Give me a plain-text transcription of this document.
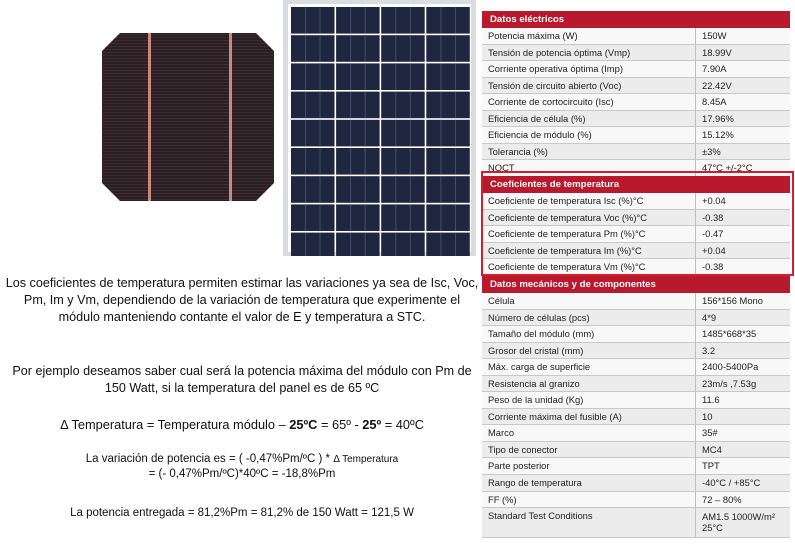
Los coeficientes de temperatura permiten estimar las variaciones ya sea de Isc, Voc, Pm, Im y Vm, dependiendo de la variación de temperatura que experimente el módulo manteniendo contante el valor de E y temperatura a STC.
Por ejemplo deseamos saber cual será la potencia máxima del módulo con Pm de 150 Watt, si la temperatura del panel es de 65 ºC
Δ Temperatura = Temperatura módulo – 25ºC = 65º - 25º = 40ºC
La variación de potencia es = ( -0,47%Pm/ºC ) * Δ Temperatura
= (- 0,47%Pm/ºC)*40ºC = -18,8%Pm
La potencia entregada = 81,2%Pm = 81,2% de 150 Watt = 121,5 W
Datos eléctricos
Potencia máxima (W)	150W
Tensión de potencia óptima (Vmp)	18.99V
Corriente operativa óptima (Imp)	7.90A
Tensión de circuito abierto (Voc)	22.42V
Corriente de cortocircuito (Isc)	8.45A
Eficiencia de célula (%)	17.96%
Eficiencia de módulo (%)	15.12%
Tolerancia (%)	±3%
NOCT	47°C +/-2°C
Coeficientes de temperatura
Coeficiente de temperatura Isc (%)°C	+0.04
Coeficiente de temperatura Voc (%)°C	-0.38
Coeficiente de temperatura Pm (%)°C	-0.47
Coeficiente de temperatura Im (%)°C	+0.04
Coeficiente de temperatura Vm (%)°C	-0.38
Datos mecánicos y de componentes
Célula	156*156 Mono
Número de células (pcs)	4*9
Tamaño del módulo (mm)	1485*668*35
Grosor del cristal (mm)	3.2
Máx. carga de superficie	2400-5400Pa
Resistencia al granizo	23m/s ,7.53g
Peso de la unidad (Kg)	11.6
Corriente máxima del fusible (A)	10
Marco	35#
Tipo de conector	MC4
Parte posterior	TPT
Rango de temperatura	-40°C / +85°C
FF (%)	72 – 80%
Standard Test Conditions	AM1.5 1000W/m² 25°C
